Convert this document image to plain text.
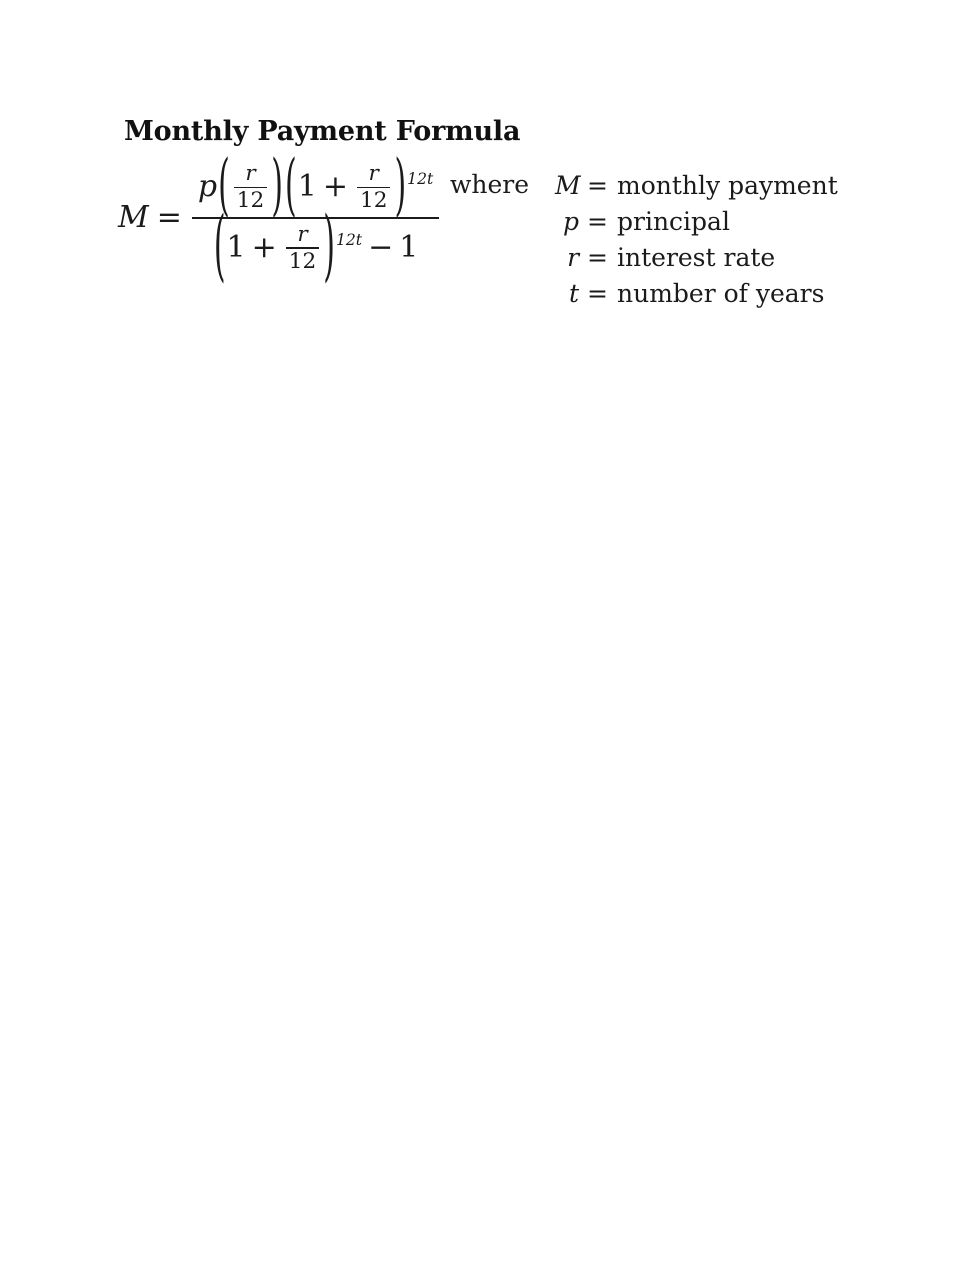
Monthly Payment Formula
M =
p ( r
12 ) ( 1 + r
12 ) 12t
( 1 + r
12 ) 12t − 1
where	M = monthly payment
p = principal
r = interest rate
t = number of years
